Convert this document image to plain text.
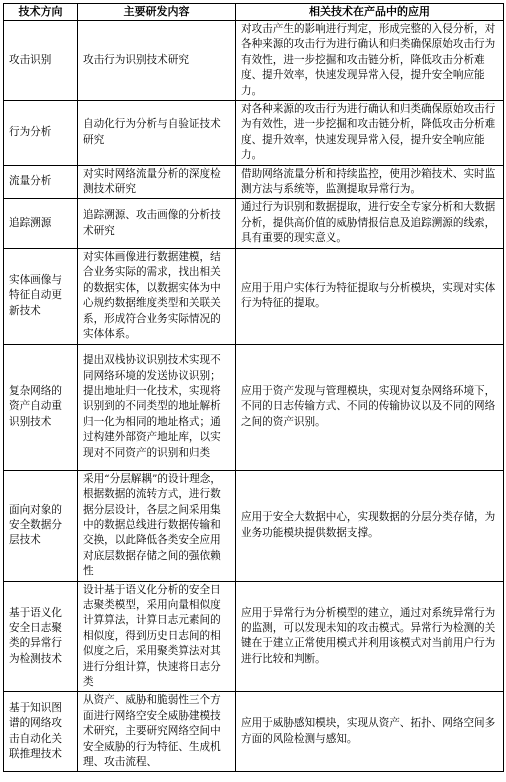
技术方向	主要研发内容	相关技术在产品中的应用
攻击识别	攻击行为识别技术研究	对攻击产生的影响进行判定，形成完整的入侵分析，对各种来源的攻击行为进行确认和归类确保原始攻击行为有效性，进一步挖掘和攻击链分析，降低攻击分析难度、提升效率，快速发现异常入侵，提升安全响应能力。
行为分析	自动化行为分析与自验证技术研究	对各种来源的攻击行为进行确认和归类确保原始攻击行为有效性，进一步挖掘和攻击链分析，降低攻击分析难度、提升效率，快速发现异常入侵，提升安全响应能力。
流量分析	对实时网络流量分析的深度检测技术研究	借助网络流量分析和持续监控，使用沙箱技术、实时监测方法与系统等，监测提取异常行为。
追踪溯源	追踪溯源、攻击画像的分析技术研究	通过行为识别和数据提取，进行安全专家分析和大数据分析，提供高价值的威胁情报信息及追踪溯源的线索，具有重要的现实意义。
实体画像与特征自动更新技术	对实体画像进行数据建模，结合业务实际的需求，找出相关的数据实体，以数据实体为中心规约数据维度类型和关联关系，形成符合业务实际情况的实体体系。	应用于用户实体行为特征提取与分析模块，实现对实体行为特征的提取。
复杂网络的资产自动重识别技术	提出双栈协议识别技术实现不同网络环境的发送协议识别；提出地址归一化技术，实现将识别到的不同类型的地址解析归一化为相同的地址格式；通过构建外部资产地址库，以实现对不同资产的识别和归类	应用于资产发现与管理模块，实现对复杂网络环境下，不同的日志传输方式、不同的传输协议以及不同的网络之间的资产识别。
面向对象的安全数据分层技术	采用“分层解耦”的设计理念，根据数据的流转方式，进行数据分层设计，各层之间采用集中的数据总线进行数据传输和交换，以此降低各类安全应用对底层数据存储之间的强依赖性	应用于安全大数据中心，实现数据的分层分类存储，为业务功能模块提供数据支撑。
基于语义化安全日志聚类的异常行为检测技术	设计基于语义化分析的安全日志聚类模型，采用向量相似度计算算法，计算日志元素间的相似度，得到历史日志间的相似度之后，采用聚类算法对其进行分组计算，快速将日志分类	应用于异常行为分析模型的建立，通过对系统异常行为的监测，可以发现未知的攻击模式。异常行为检测的关键在于建立正常使用模式并利用该模式对当前用户行为进行比较和判断。
基于知识图谱的网络攻击自动化关联推理技术	从资产、威胁和脆弱性三个方面进行网络空安全威胁建模技术研究，主要研究网络空间中安全威胁的行为特征、生成机理、攻击流程、	应用于威胁感知模块，实现从资产、拓扑、网络空间多方面的风险检测与感知。
